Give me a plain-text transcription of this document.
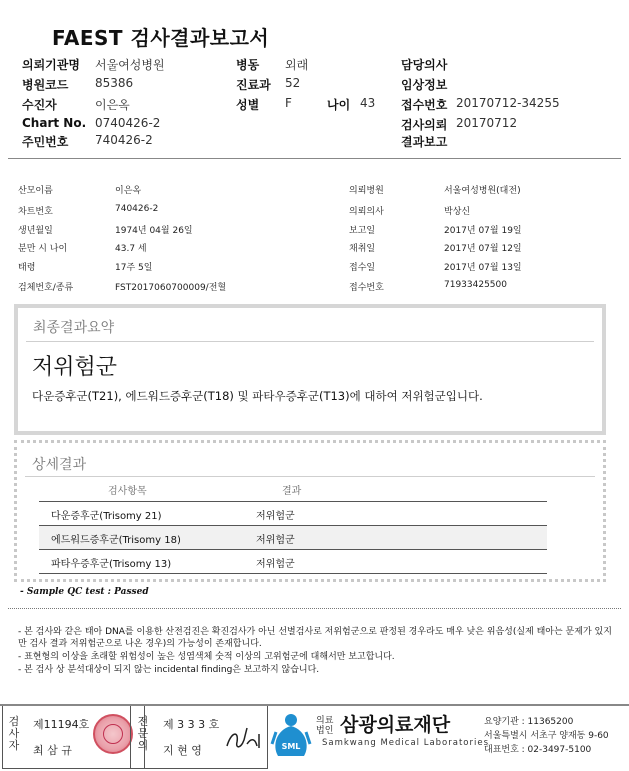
FAEST 검사결과보고서
의뢰기관명 서울여성병원
병원코드 85386
수진자	이은옥
Chart No. 0740426-2
주민번호 740426-2
병동 외래
진료과 52
성별 F	나이 43
담당의사
임상정보
접수번호 20170712-34255
검사의뢰 20170712
결과보고
산모이름	이은옥
차트번호	740426-2
생년월일	1974년 04월 26일
분만 시 나이	43.7 세
태령	17주 5일
검체번호/종류	FST2017060700009/전혈
의뢰병원	서울여성병원(대전)
의뢰의사	박상신
보고일	2017년 07월 19일
채취일	2017년 07월 12일
접수일	2017년 07월 13일
접수번호	71933425500
최종결과요약
저위험군
다운증후군(T21), 에드워드증후군(T18) 및 파타우증후군(T13)에 대하여 저위험군입니다.
상세결과
검사항목	결과
다운증후군(Trisomy 21)	저위험군
에드워드증후군(Trisomy 18)	저위험군
파타우증후군(Trisomy 13)	저위험군
- Sample QC test : Passed

- 본 검사와 같은 태아 DNA를 이용한 산전검진은 확진검사가 아닌 선별검사로 저위험군으로 판정된 경우라도 매우 낮은 위음성(실제 태아는 문제가 있지만 검사 결과 저위험군으로 나온 경우)의 가능성이 존재합니다.

- 표현형의 이상을 초래할 위험성이 높은 성염색체 숫적 이상의 고위험군에 대해서만 보고합니다.

- 본 검사 상 분석대상이 되지 않는 incidental finding은 보고하지 않습니다.

검사자
제11194호
최 삼 규
전문의
제 3 3 3 호
지 현 영	SML
의료법인 삼광의료재단
Samkwang Medical Laboratories
요양기관 : 11365200
서울특별시 서초구 양재동 9-60
대표번호 : 02-3497-5100
